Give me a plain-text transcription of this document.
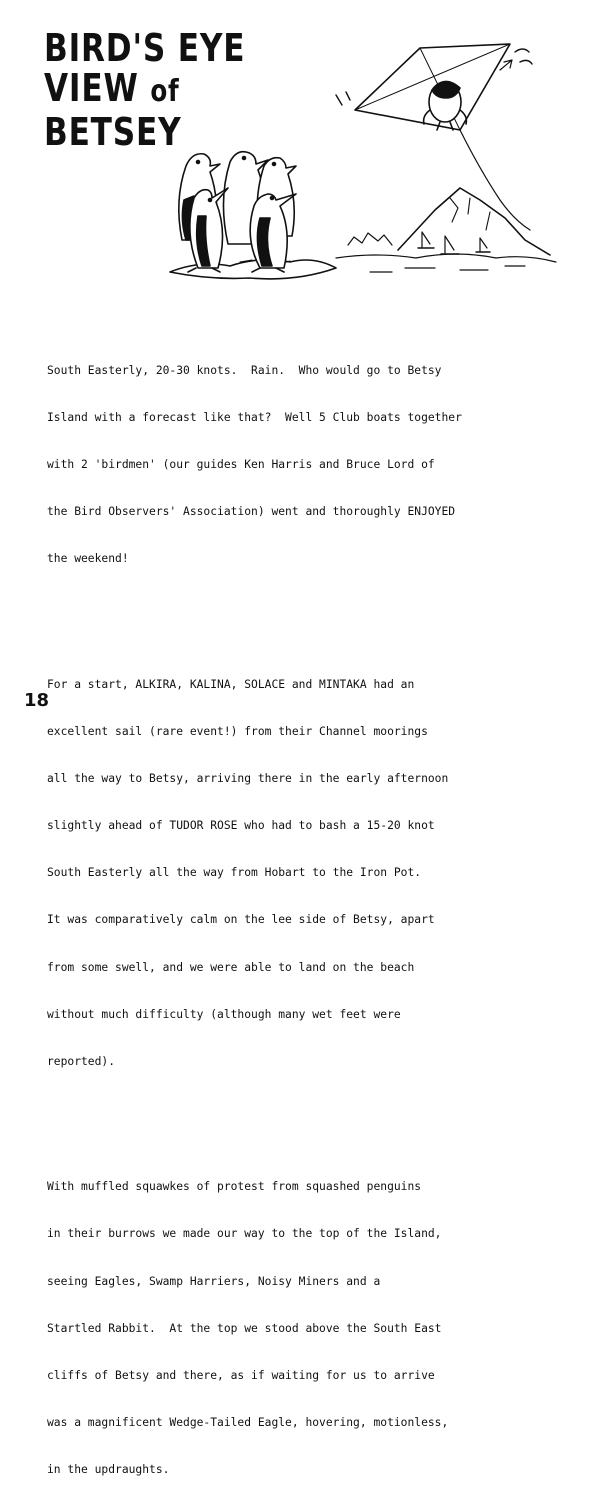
BIRD'S EYE
VIEW of
BETSEY

South Easterly, 20-30 knots.  Rain.  Who would go to Betsy

Island with a forecast like that?  Well 5 Club boats together

with 2 'birdmen' (our guides Ken Harris and Bruce Lord of

the Bird Observers' Association) went and thoroughly ENJOYED

the weekend!

For a start, ALKIRA, KALINA, SOLACE and MINTAKA had an

excellent sail (rare event!) from their Channel moorings

all the way to Betsy, arriving there in the early afternoon

slightly ahead of TUDOR ROSE who had to bash a 15-20 knot

South Easterly all the way from Hobart to the Iron Pot.

It was comparatively calm on the lee side of Betsy, apart

from some swell, and we were able to land on the beach

without much difficulty (although many wet feet were

reported).

With muffled squawkes of protest from squashed penguins

in their burrows we made our way to the top of the Island,

seeing Eagles, Swamp Harriers, Noisy Miners and a

Startled Rabbit.  At the top we stood above the South East

cliffs of Betsy and there, as if waiting for us to arrive

was a magnificent Wedge-Tailed Eagle, hovering, motionless,

in the updraughts.

18
